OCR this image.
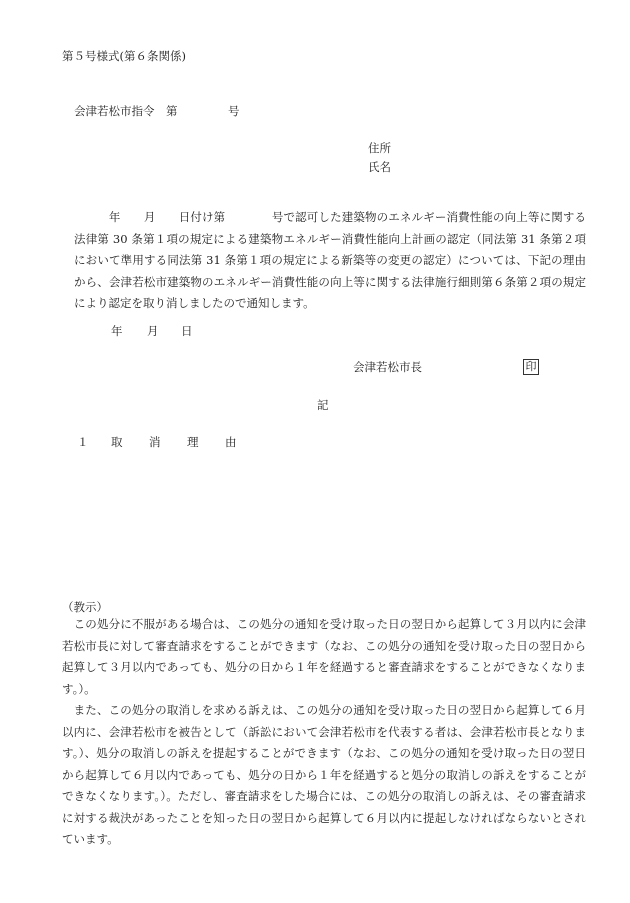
第５号様式(第６条関係)
会津若松市指令 第	号
住所
氏名
　　　年　　月　　日付け第　　　　号で認可した建築物のエネルギー消費性能の向上等に関する法律第 30 条第１項の規定による建築物エネルギー消費性能向上計画の認定（同法第 31 条第２項において準用する同法第 31 条第１項の規定による新築等の変更の認定）については、下記の理由から、会津若松市建築物のエネルギー消費性能の向上等に関する法律施行細則第６条第２項の規定により認定を取り消しましたので通知します。
年 月 日
会津若松市長	印
記
１ 取 消 理 由
（教示）
　この処分に不服がある場合は、この処分の通知を受け取った日の翌日から起算して３月以内に会津若松市長に対して審査請求をすることができます（なお、この処分の通知を受け取った日の翌日から起算して３月以内であっても、処分の日から１年を経過すると審査請求をすることができなくなります。）。
　また、この処分の取消しを求める訴えは、この処分の通知を受け取った日の翌日から起算して６月以内に、会津若松市を被告として（訴訟において会津若松市を代表する者は、会津若松市長となります。）、処分の取消しの訴えを提起することができます（なお、この処分の通知を受け取った日の翌日から起算して６月以内であっても、処分の日から１年を経過すると処分の取消しの訴えをすることができなくなります。）。ただし、審査請求をした場合には、この処分の取消しの訴えは、その審査請求に対する裁決があったことを知った日の翌日から起算して６月以内に提起しなければならないとされています。
